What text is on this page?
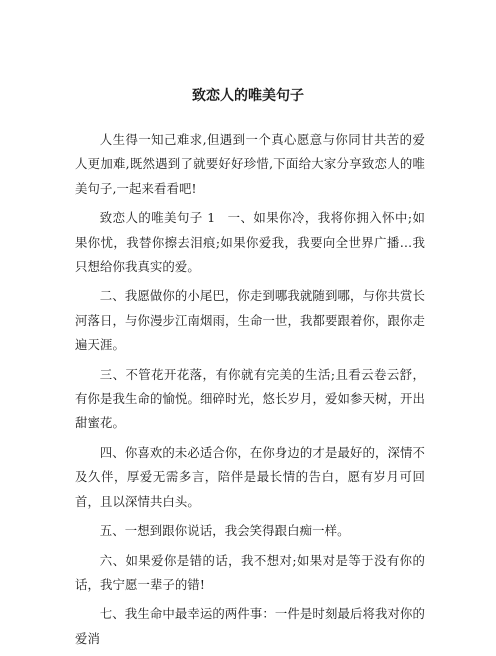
致恋人的唯美句子

人生得一知己难求,但遇到一个真心愿意与你同甘共苦的爱人更加难,既然遇到了就要好好珍惜,下面给大家分享致恋人的唯美句子,一起来看看吧!

致恋人的唯美句子 1 一、如果你冷，我将你拥入怀中;如果你忧，我替你擦去泪痕;如果你爱我，我要向全世界广播…我只想给你我真实的爱。

二、我愿做你的小尾巴，你走到哪我就随到哪，与你共赏长河落日，与你漫步江南烟雨，生命一世，我都要跟着你，跟你走遍天涯。

三、不管花开花落，有你就有完美的生活;且看云卷云舒，有你是我生命的愉悦。细碎时光，悠长岁月，爱如参天树，开出甜蜜花。

四、你喜欢的未必适合你，在你身边的才是最好的，深情不及久伴，厚爱无需多言，陪伴是最长情的告白，愿有岁月可回首，且以深情共白头。

五、一想到跟你说话，我会笑得跟白痴一样。

六、如果爱你是错的话，我不想对;如果对是等于没有你的话，我宁愿一辈子的错!

七、我生命中最幸运的两件事：一件是时刻最后将我对你的爱消
